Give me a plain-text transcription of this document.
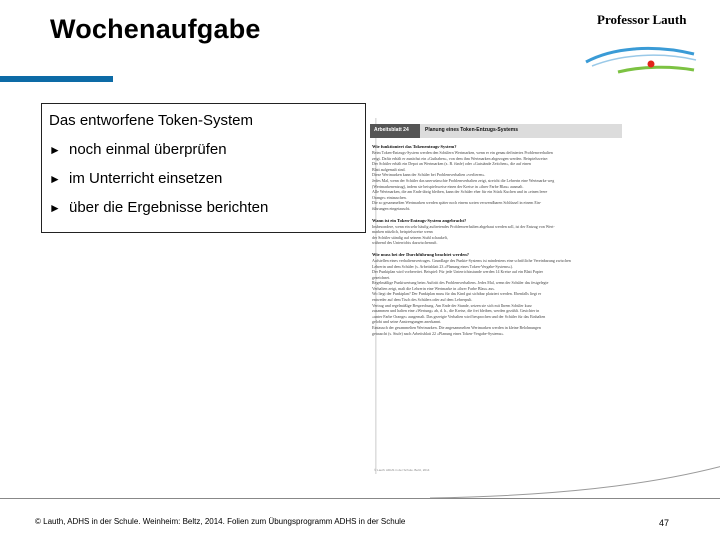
Wochenaufgabe	Professor Lauth
Das entworfene Token-System
► noch einmal überprüfen
► im Unterricht einsetzen
► über die Ergebnisse berichten
Arbeitsblatt 24	Planung eines Token-Entzugs-Systems
Wie funktioniert das Tokenentzugs-System?
Beim Token-Entzugs-System werden den Schülern Wertmarken, wenn er ein genau definiertes Problemverhalten
zeigt. Dafür erhält er zunächst ein «Guthaben», von dem ihm Wertmarken abgezogen werden. Beispielsweise:
Der Schüler erhält ein Depot an Wertmarken (z. B. fünfe) oder «Gutstände Zeitchen», die auf einen
Blatt aufgemalt sind.
Diese Wertmarken kann der Schüler bei Problemverhalten «verlieren».
Jedes Mal, wenn der Schüler das unerwünschte Problemverhalten zeigt, streicht die Lehrerin eine Wertmarke weg
(Wertmarkenentzug), indem sie beispielsweise einen der Kreise in «ihrer Farbe Blau» ausmalt.
Alle Wertmarken, die am Ende übrig bleiben, kann der Schüler eher für ein Stück Kuchen und in «einen leere
Orange» eintauschen.
Die so gesammelten Wertmarken werden später noch einem sorten verwendbaren Schlüssel in einem Ein-
führungen eingetauscht.
Wann ist ein Token-Entzugs-System angebracht?
Insbesondere, wenn ein sehr häufig auftretendes Problemverhalten abgebaut werden soll, ist der Entzug von Wert-
marken nützlich, beispielsweise wenn
der Schüler ständig auf seinem Stuhl schaukelt,
während des Unterrichts dazwischenruft.
Wie muss bei der Durchführung beachtet werden?
Aufstellen eines verhaltensvertrages. Grundlage des Punkte-Systems ist mindestens eine schriftliche Vereinbarung zwischen
Lehrerin und dem Schüler (s. Arbeitsblatt 23 «Planung eines Token-Vergabe-Systems»).
Der Punktplan wird vorbereitet. Beispiel: Für jede Unterrichtsstunde werden 14 Kreise auf ein Blatt Papier
gezeichnet.
Regelmäßige Punktwertung beim Auftritt des Problemverhaltens. Jedes Mal, wenn der Schüler das festgelegte
Verhalten zeigt, malt die Lehrerin eine Wertmarke in «ihrer Farbe Blau» aus.
Wo liegt der Punktplan? Der Punktplan muss für das Kind gut sichtbar platziert werden. Ebenfalls liegt er
entweder auf dem Tisch des Schülers oder auf dem Lehrerpult.
Vertrag und regelmäßige Besprechung. Am Ende der Stunde, setzen sie sich mit Ihrem Schüler kurz
zusammen und halten eine «Wertung» ab, d. h., die Kreise, die frei bleiben, werden gezählt. Gesichter in
«unter Farbe Orange» ausgemalt. Das gezeigte Verhalten wird besprochen und der Schüler für das Einhalten
gelobt und seine Anstrengungen anerkannt.
Eintausch der gesammelten Wertmarken. Die angesammelten Wertmarken werden in kleine Belohnungen
getauscht (s. Stufe) nach Arbeitsblatt 22 «Planung eines Token-Vergabe-Systems».
© Lauth: ADHS in der Schule. Beltz, 2014
© Lauth, ADHS in der Schule. Weinheim: Beltz, 2014. Folien zum Übungsprogramm ADHS in der Schule	47
